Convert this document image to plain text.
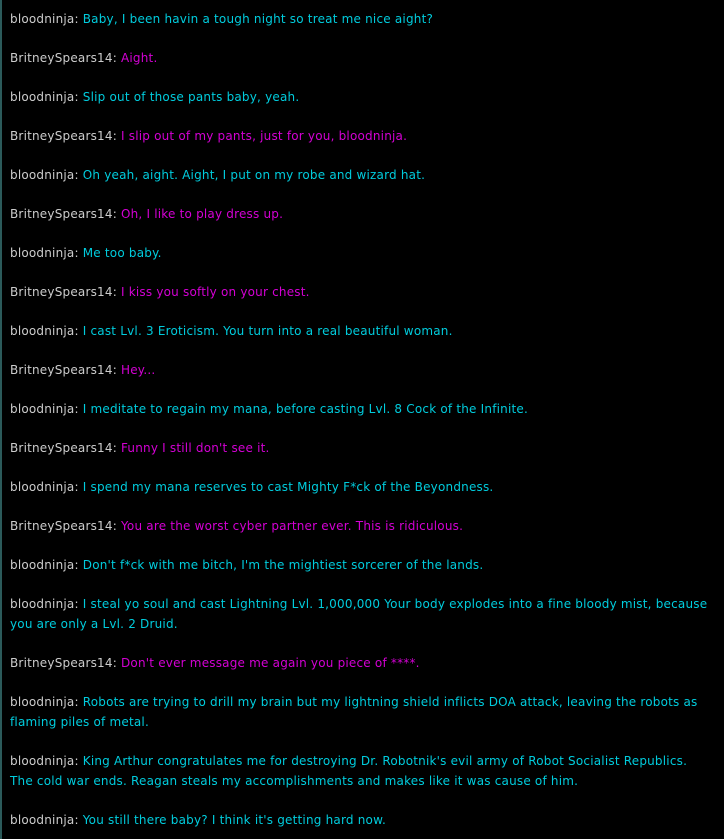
bloodninja: Baby, I been havin a tough night so treat me nice aight?
BritneySpears14: Aight.
bloodninja: Slip out of those pants baby, yeah.
BritneySpears14: I slip out of my pants, just for you, bloodninja.
bloodninja: Oh yeah, aight. Aight, I put on my robe and wizard hat.
BritneySpears14: Oh, I like to play dress up.
bloodninja: Me too baby.
BritneySpears14: I kiss you softly on your chest.
bloodninja: I cast Lvl. 3 Eroticism. You turn into a real beautiful woman.
BritneySpears14: Hey...
bloodninja: I meditate to regain my mana, before casting Lvl. 8 Cock of the Infinite.
BritneySpears14: Funny I still don't see it.
bloodninja: I spend my mana reserves to cast Mighty F*ck of the Beyondness.
BritneySpears14: You are the worst cyber partner ever. This is ridiculous.
bloodninja: Don't f*ck with me bitch, I'm the mightiest sorcerer of the lands.
bloodninja: I steal yo soul and cast Lightning Lvl. 1,000,000 Your body explodes into a fine bloody mist, because you are only a Lvl. 2 Druid.
BritneySpears14: Don't ever message me again you piece of ****.
bloodninja: Robots are trying to drill my brain but my lightning shield inflicts DOA attack, leaving the robots as flaming piles of metal.
bloodninja: King Arthur congratulates me for destroying Dr. Robotnik's evil army of Robot Socialist Republics. The cold war ends. Reagan steals my accomplishments and makes like it was cause of him.
bloodninja: You still there baby? I think it's getting hard now.
